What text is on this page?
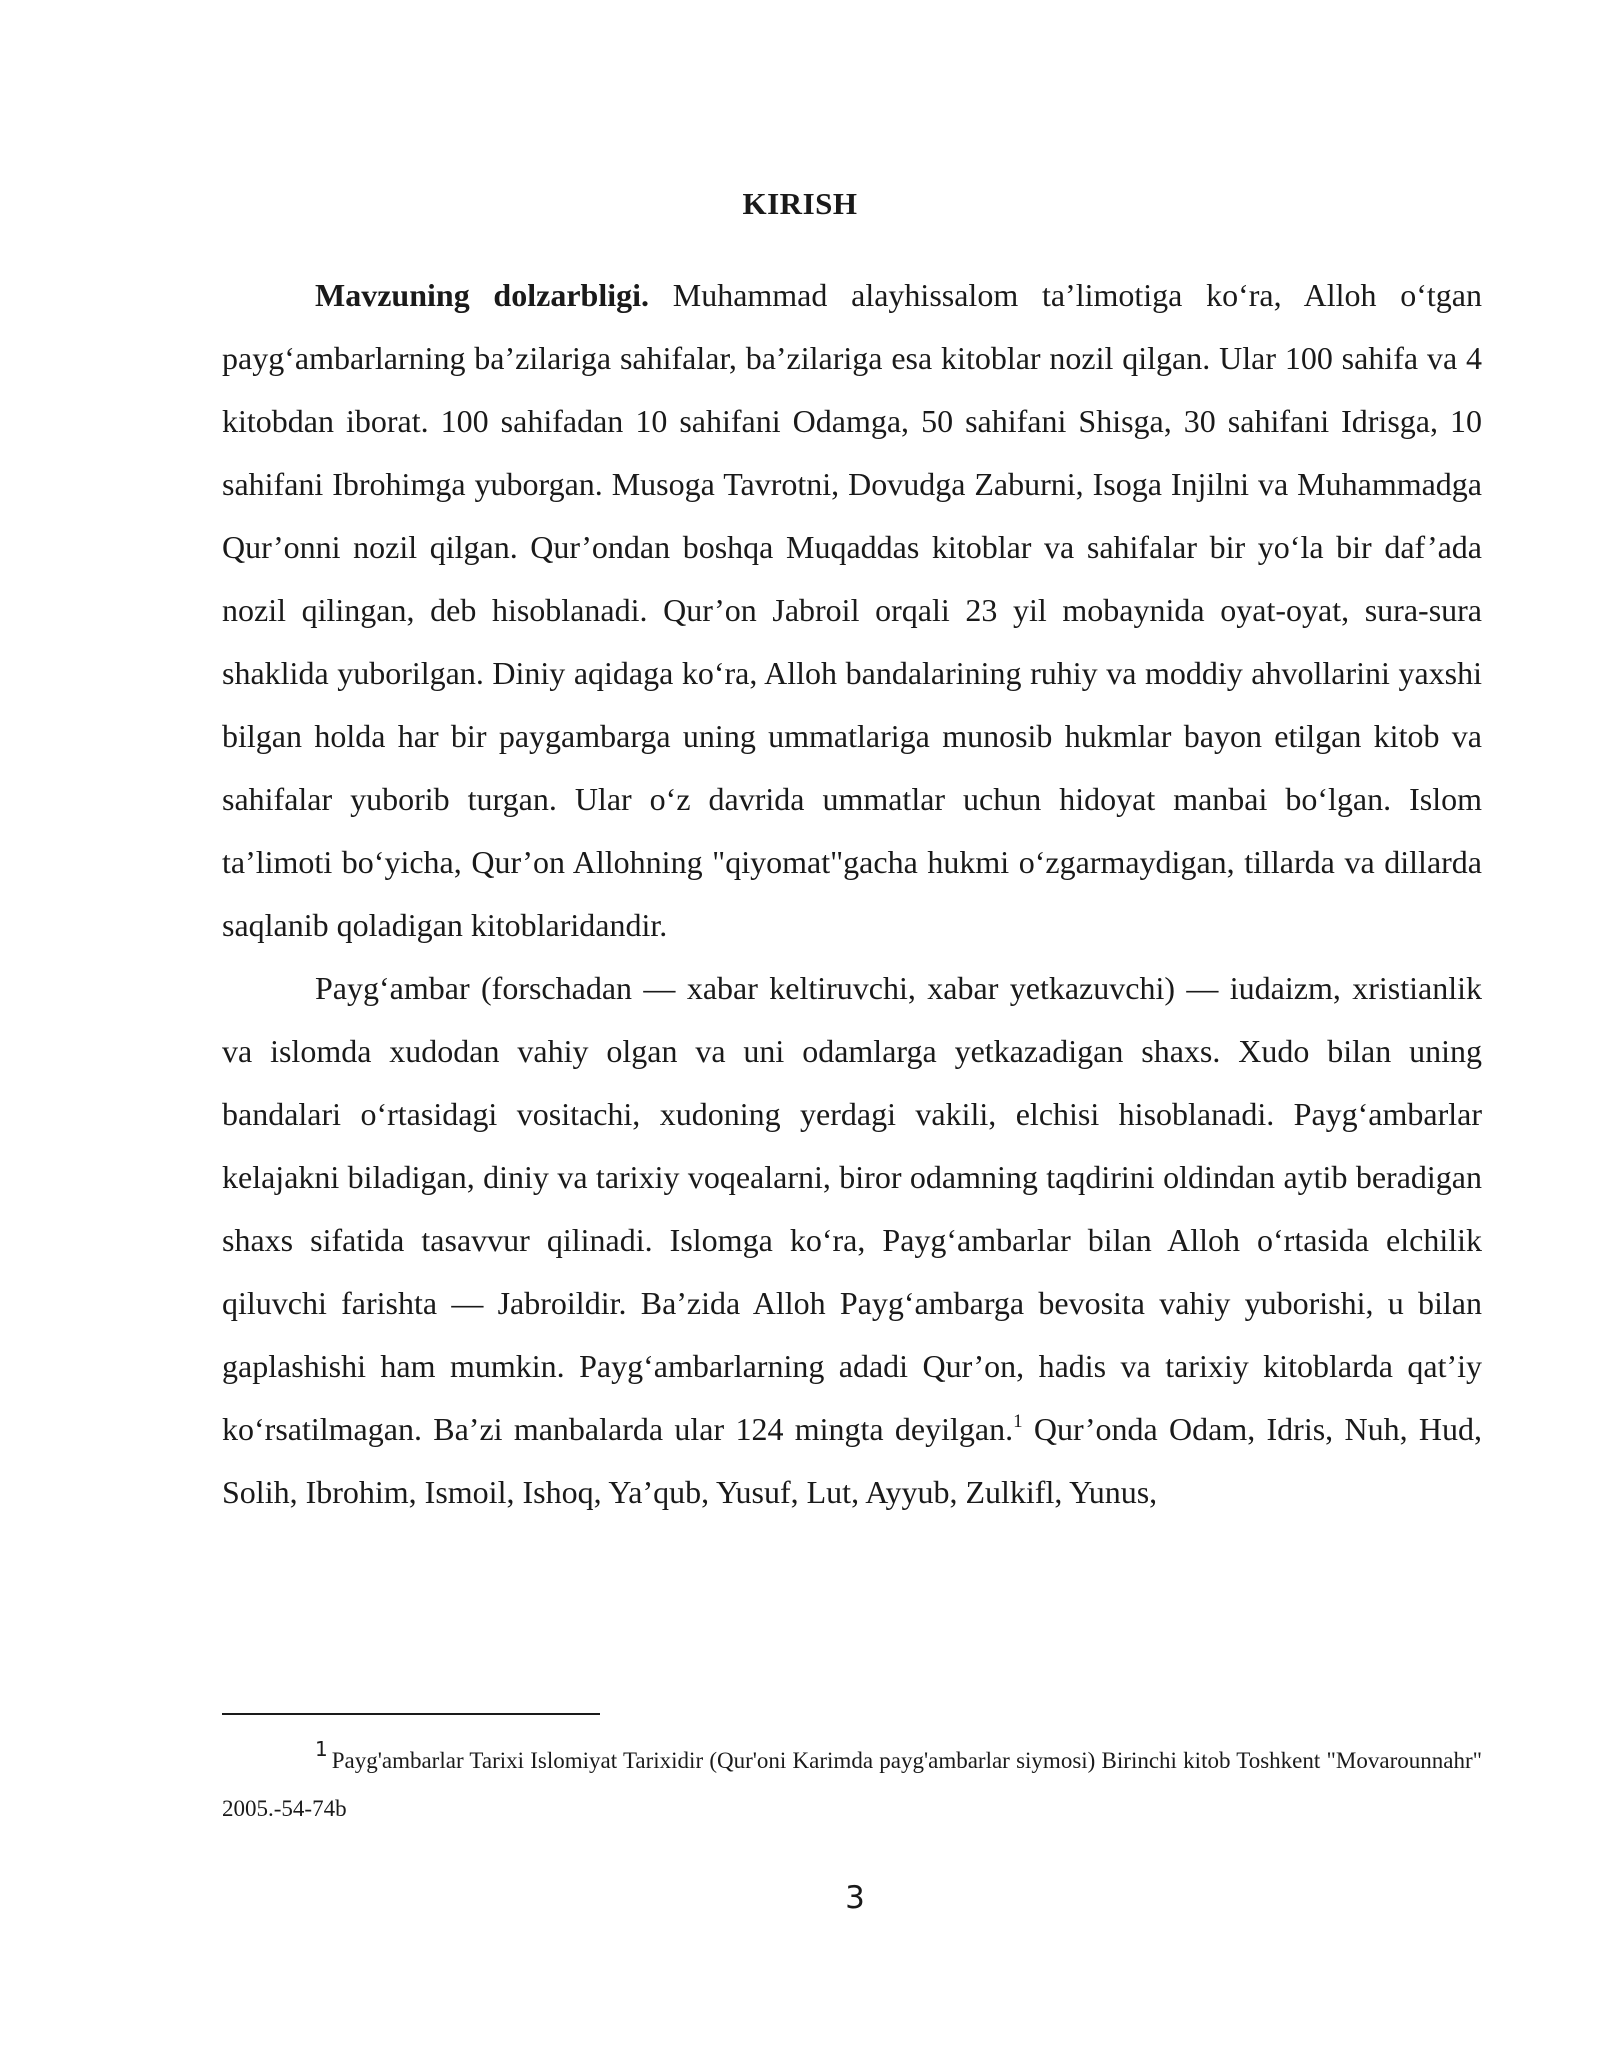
KIRISH

Mavzuning dolzarbligi. Muhammad alayhissalom ta’limotiga ko‘ra, Alloh o‘tgan payg‘ambarlarning ba’zilariga sahifalar, ba’zilariga esa kitoblar nozil qilgan. Ular 100 sahifa va 4 kitobdan iborat. 100 sahifadan 10 sahifani Odamga, 50 sahifani Shisga, 30 sahifani Idrisga, 10 sahifani Ibrohimga yuborgan. Musoga Tavrotni, Dovudga Zaburni, Isoga Injilni va Muhammadga Qur’onni nozil qilgan. Qur’ondan boshqa Muqaddas kitoblar va sahifalar bir yo‘la bir daf’ada nozil qilingan, deb hisoblanadi. Qur’on Jabroil orqali 23 yil mobaynida oyat-oyat, sura-sura shaklida yuborilgan. Diniy aqidaga ko‘ra, Alloh bandalarining ruhiy va moddiy ahvollarini yaxshi bilgan holda har bir paygambarga uning ummatlariga munosib hukmlar bayon etilgan kitob va sahifalar yuborib turgan. Ular o‘z davrida ummatlar uchun hidoyat manbai bo‘lgan. Islom ta’limoti bo‘yicha, Qur’on Allohning "qiyomat"gacha hukmi o‘zgarmaydigan, tillarda va dillarda saqlanib qoladigan kitoblaridandir.

Payg‘ambar (forschadan — xabar keltiruvchi, xabar yetkazuvchi) — iudaizm, xristianlik va islomda xudodan vahiy olgan va uni odamlarga yetkazadigan shaxs. Xudo bilan uning bandalari o‘rtasidagi vositachi, xudoning yerdagi vakili, elchisi hisoblanadi. Payg‘ambarlar kelajakni biladigan, diniy va tarixiy voqealarni, biror odamning taqdirini oldindan aytib beradigan shaxs sifatida tasavvur qilinadi. Islomga ko‘ra, Payg‘ambarlar bilan Alloh o‘rtasida elchilik qiluvchi farishta — Jabroildir. Ba’zida Alloh Payg‘ambarga bevosita vahiy yuborishi, u bilan gaplashishi ham mumkin. Payg‘ambarlarning adadi Qur’on, hadis va tarixiy kitoblarda qat’iy ko‘rsatilmagan. Ba’zi manbalarda ular 124 mingta deyilgan.$^1$ Qur’onda Odam, Idris, Nuh, Hud, Solih, Ibrohim, Ismoil, Ishoq, Ya’qub, Yusuf, Lut, Ayyub, Zulkifl, Yunus,

$^1$ Payg'ambarlar Tarixi Islomiyat Tarixidir (Qur'oni Karimda payg'ambarlar siymosi) Birinchi kitob Toshkent "Movarounnahr" 2005.-54-74b

3
